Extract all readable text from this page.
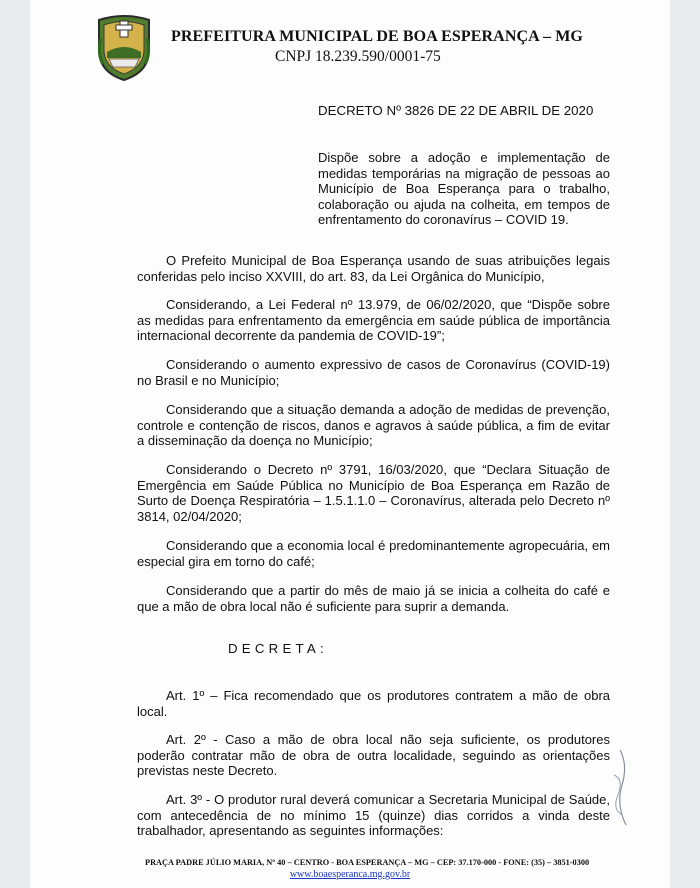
PREFEITURA MUNICIPAL DE BOA ESPERANÇA – MG
CNPJ 18.239.590/0001-75
DECRETO Nº 3826 DE 22 DE ABRIL DE 2020

Dispõe sobre a adoção e implementação de medidas temporárias na migração de pessoas ao Município de Boa Esperança para o trabalho, colaboração ou ajuda na colheita, em tempos de enfrentamento do coronavírus – COVID 19.

O Prefeito Municipal de Boa Esperança usando de suas atribuições legais conferidas pelo inciso XXVIII, do art. 83, da Lei Orgânica do Município,

Considerando, a Lei Federal nº 13.979, de 06/02/2020, que “Dispõe sobre as medidas para enfrentamento da emergência em saúde pública de importância internacional decorrente da pandemia de COVID-19”;

Considerando o aumento expressivo de casos de Coronavírus (COVID-19) no Brasil e no Município;

Considerando que a situação demanda a adoção de medidas de prevenção, controle e contenção de riscos, danos e agravos à saúde pública, a fim de evitar a disseminação da doença no Município;

Considerando o Decreto nº 3791, 16/03/2020, que “Declara Situação de Emergência em Saúde Pública no Município de Boa Esperança em Razão de Surto de Doença Respiratória – 1.5.1.1.0 – Coronavírus, alterada pelo Decreto nº 3814, 02/04/2020;

Considerando que a economia local é predominantemente agropecuária, em especial gira em torno do café;

Considerando que a partir do mês de maio já se inicia a colheita do café e que a mão de obra local não é suficiente para suprir a demanda.

DECRETA:

Art. 1º – Fica recomendado que os produtores contratem a mão de obra local.

Art. 2º - Caso a mão de obra local não seja suficiente, os produtores poderão contratar mão de obra de outra localidade, seguindo as orientações previstas neste Decreto.

Art. 3º - O produtor rural deverá comunicar a Secretaria Municipal de Saúde, com antecedência de no mínimo 15 (quinze) dias corridos a vinda deste trabalhador, apresentando as seguintes informações:

PRAÇA PADRE JÚLIO MARIA, Nº 40 – CENTRO - BOA ESPERANÇA – MG – CEP: 37.170-000 - FONE: (35) – 3851-0300
www.boaesperanca.mg.gov.br
